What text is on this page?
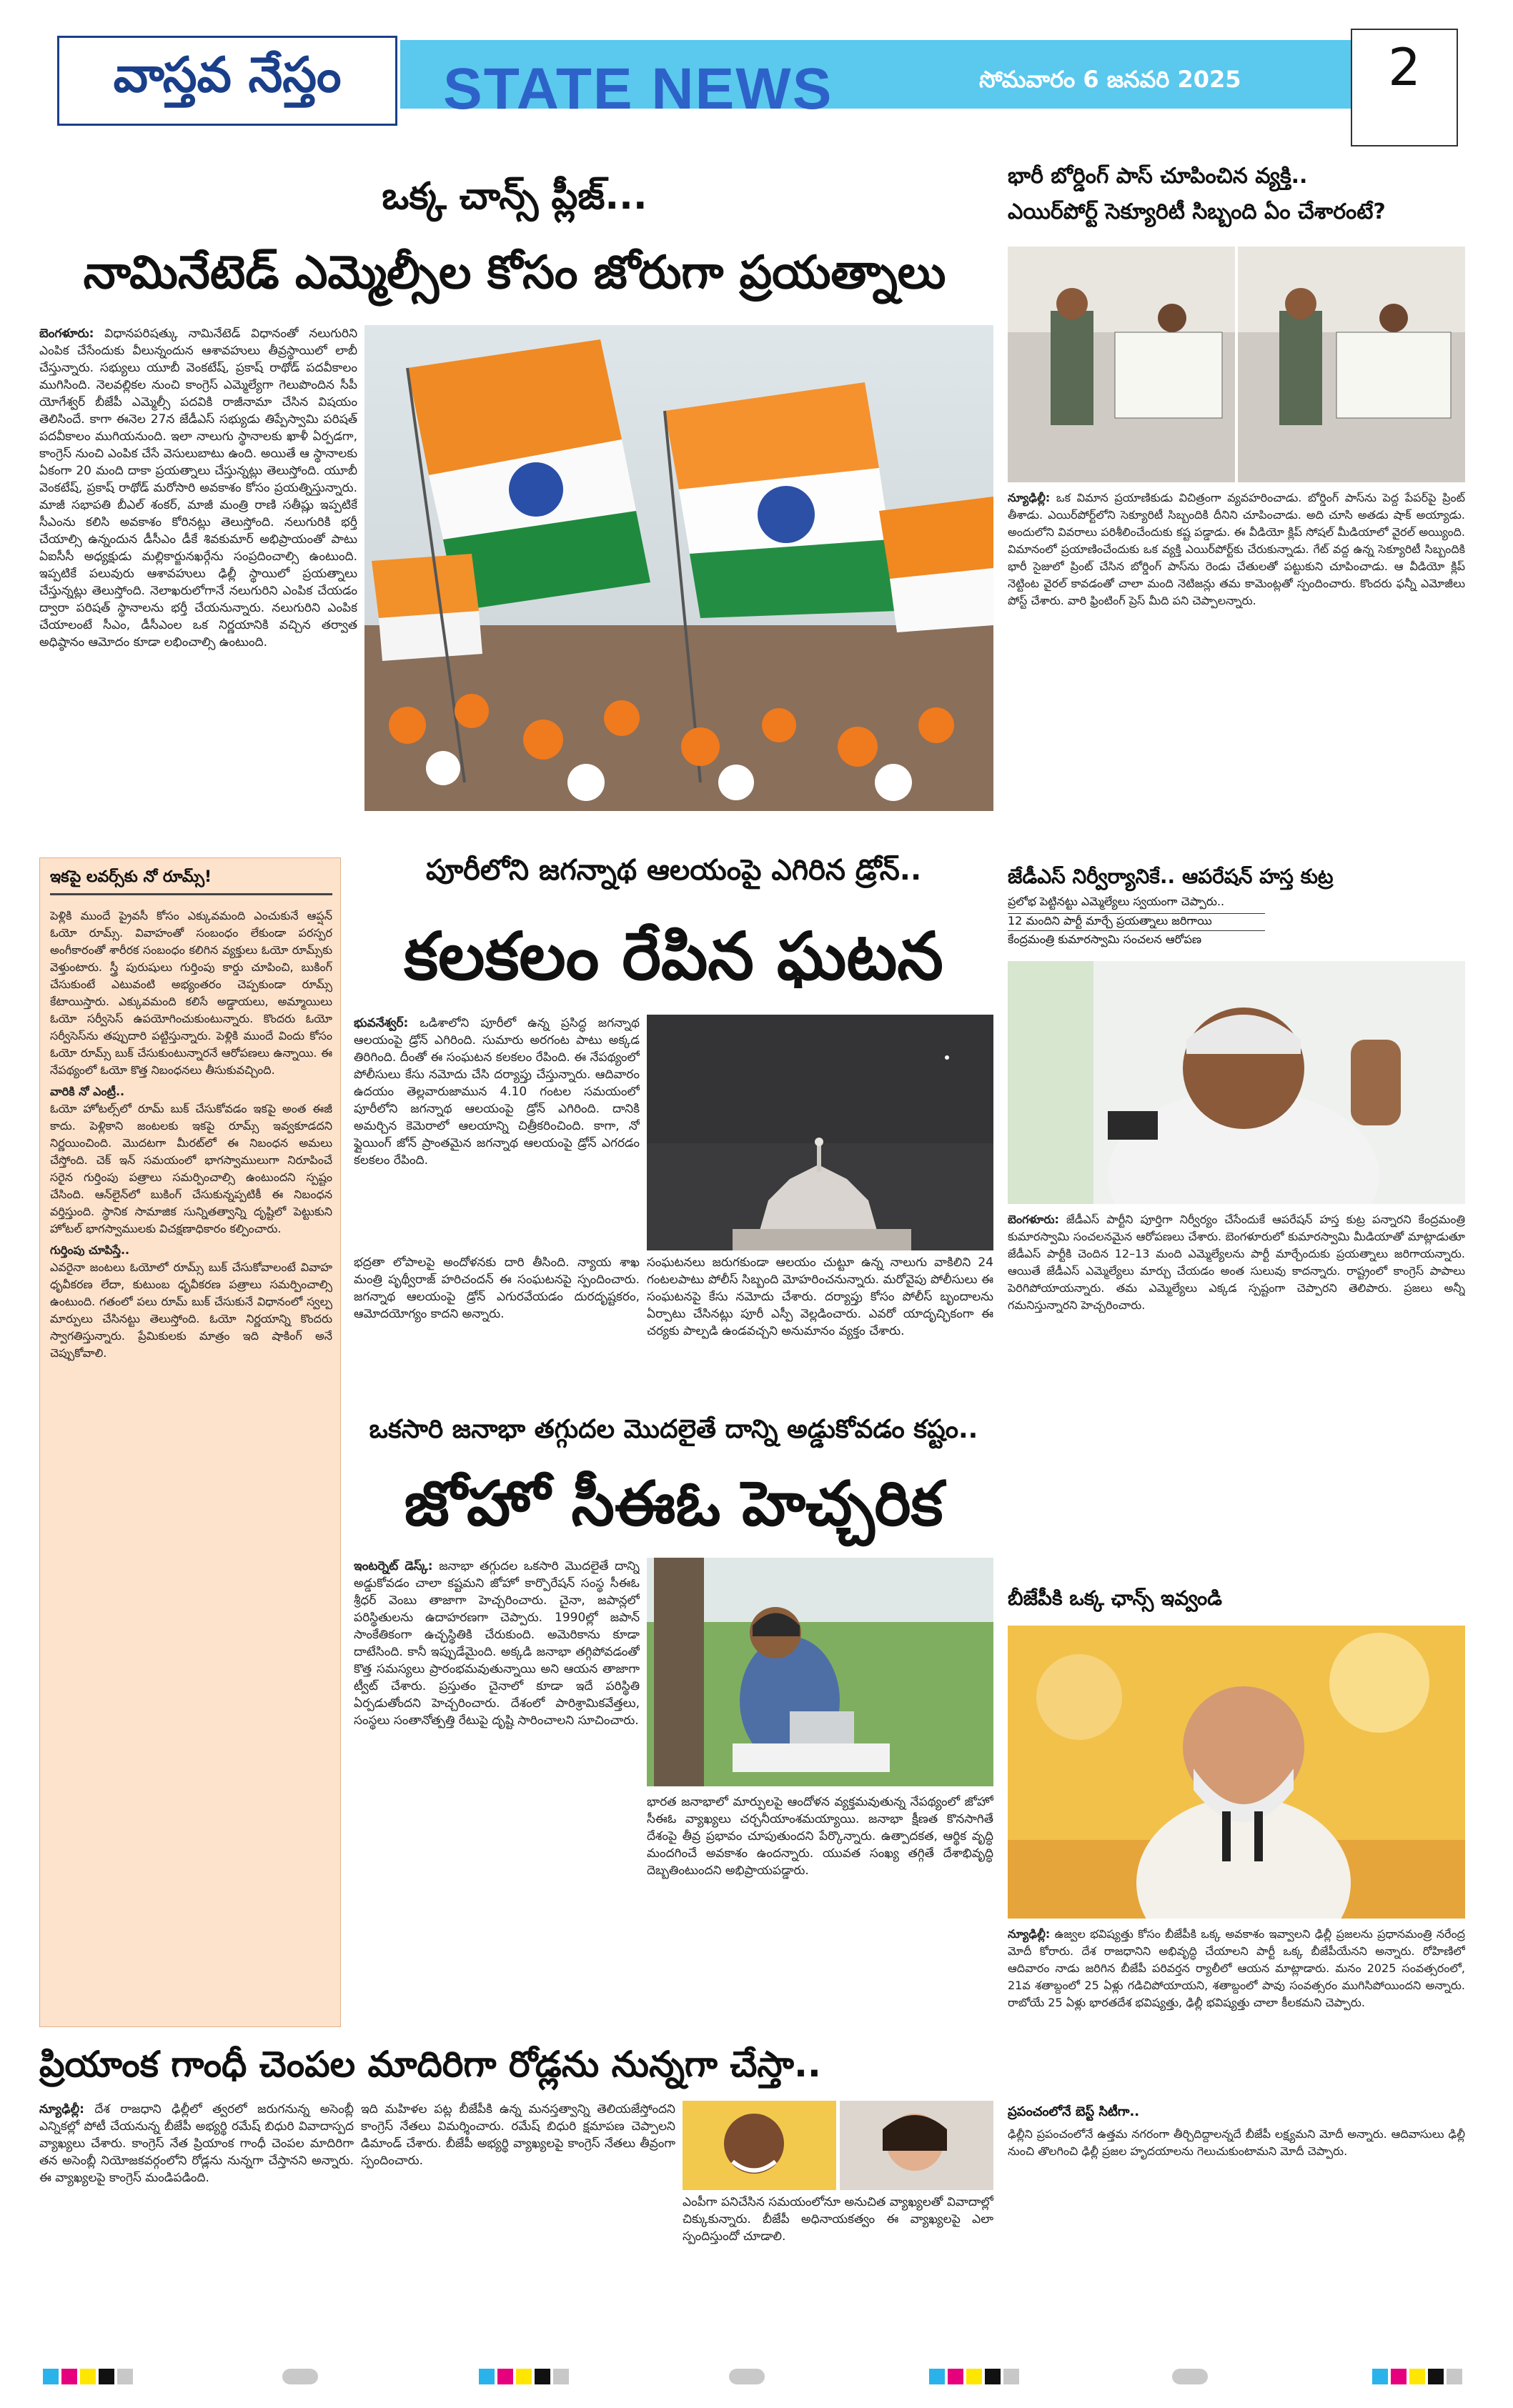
వాస్తవ నేస్తం	STATE NEWS	సోమవారం 6 జనవరి 2025	2
ఒక్క చాన్స్ ప్లీజ్...
నామినేటెడ్ ఎమ్మెల్సీల కోసం జోరుగా ప్రయత్నాలు
బెంగళూరు: విధానపరిషత్కు నామినేటెడ్ విధానంతో నలుగురిని ఎంపిక చేసేందుకు వీలున్నందున ఆశావహులు తీవ్రస్థాయిలో లాబీ చేస్తున్నారు. సభ్యులు యూబీ వెంకటేష్, ప్రకాష్ రాథోడ్ పదవీకాలం ముగిసింది. నెలవల్లికల నుంచి కాంగ్రెస్ ఎమ్మెల్యేగా గెలుపొందిన సీపీ యోగేశ్వర్ బీజేపీ ఎమ్మెల్సీ పదవికి రాజీనామా చేసిన విషయం తెలిసిందే. కాగా ఈనెల 27న జేడీఎస్ సభ్యుడు తిప్పేస్వామి పరిషత్ పదవీకాలం ముగియనుంది. ఇలా నాలుగు స్థానాలకు ఖాళీ ఏర్పడగా, కాంగ్రెస్ నుంచి ఎంపిక చేసే వెసులుబాటు ఉంది. అయితే ఆ స్థానాలకు ఏకంగా 20 మంది దాకా ప్రయత్నాలు చేస్తున్నట్లు తెలుస్తోంది. యూబీ వెంకటేష్, ప్రకాష్ రాథోడ్ మరోసారి అవకాశం కోసం ప్రయత్నిస్తున్నారు. మాజీ సభాపతి బీఎల్ శంకర్, మాజీ మంత్రి రాణి సతీష్లు ఇప్పటికే సీఎంను కలిసి అవకాశం కోరినట్లు తెలుస్తోంది. నలుగురికి భర్తీ చేయాల్సి ఉన్నందున డీసీఎం డీకే శివకుమార్ అభిప్రాయంతో పాటు ఏఐసీసీ అధ్యక్షుడు మల్లికార్జునఖర్గేను సంప్రదించాల్సి ఉంటుంది. ఇప్పటికే పలువురు ఆశావహులు ఢిల్లీ స్థాయిలో ప్రయత్నాలు చేస్తున్నట్లు తెలుస్తోంది. నెలాఖరులోగానే నలుగురిని ఎంపిక చేయడం ద్వారా పరిషత్ స్థానాలను భర్తీ చేయనున్నారు. నలుగురిని ఎంపిక చేయాలంటే సీఎం, డీసీఎంల ఒక నిర్ణయానికి వచ్చిన తర్వాత అధిష్ఠానం ఆమోదం కూడా లభించాల్సి ఉంటుంది.
ఇకపై లవర్స్‌కు నో రూమ్స్!
పెళ్లికి ముందే ప్రైవసీ కోసం ఎక్కువమంది ఎంచుకునే ఆప్షన్ ఓయో రూమ్స్. వివాహంతో సంబంధం లేకుండా పరస్పర అంగీకారంతో శారీరక సంబంధం కలిగిన వ్యక్తులు ఓయో రూమ్స్‌కు వెళ్తుంటారు. స్త్రీ పురుషులు గుర్తింపు కార్డు చూపించి, బుకింగ్ చేసుకుంటే ఎటువంటి అభ్యంతరం చెప్పకుండా రూమ్స్ కేటాయిస్తారు. ఎక్కువమంది కలిసే అడ్డాయలు, అమ్మాయిలు ఓయో సర్వీసెస్ ఉపయోగించుకుంటున్నారు. కొందరు ఓయో సర్వీసెస్‌ను తప్పుదారి పట్టిస్తున్నారు. పెళ్లికి ముందే విందు కోసం ఓయో రూమ్స్ బుక్ చేసుకుంటున్నారనే ఆరోపణలు ఉన్నాయి. ఈ నేపథ్యంలో ఓయో కొత్త నిబంధనలు తీసుకువచ్చింది.
వారికి నో ఎంట్రీ..
ఓయో హోటల్స్‌లో రూమ్ బుక్ చేసుకోవడం ఇకపై అంత ఈజీ కాదు. పెళ్లికాని జంటలకు ఇకపై రూమ్స్ ఇవ్వకూడదని నిర్ణయించింది. మొదటగా మీరట్‌లో ఈ నిబంధన అమలు చేస్తోంది. చెక్ ఇన్ సమయంలో భాగస్వాములుగా నిరూపించే సరైన గుర్తింపు పత్రాలు సమర్పించాల్సి ఉంటుందని స్పష్టం చేసింది. ఆన్‌లైన్‌లో బుకింగ్ చేసుకున్నప్పటికీ ఈ నిబంధన వర్తిస్తుంది. స్థానిక సామాజిక సున్నితత్వాన్ని దృష్టిలో పెట్టుకుని హోటల్ భాగస్వాములకు విచక్షణాధికారం కల్పించారు.
గుర్తింపు చూపిస్తే..
ఎవరైనా జంటలు ఓయోలో రూమ్స్ బుక్ చేసుకోవాలంటే వివాహ ధృవీకరణ లేదా, కుటుంబ ధృవీకరణ పత్రాలు సమర్పించాల్సి ఉంటుంది. గతంలో పలు రూమ్ బుక్ చేసుకునే విధానంలో స్వల్ప మార్పులు చేసినట్టు తెలుస్తోంది. ఓయో నిర్ణయాన్ని కొందరు స్వాగతిస్తున్నారు. ప్రేమికులకు మాత్రం ఇది షాకింగ్ అనే చెప్పుకోవాలి.
పూరీలోని జగన్నాథ ఆలయంపై ఎగిరిన డ్రోన్..
కలకలం రేపిన ఘటన
భువనేశ్వర్: ఒడిశాలోని పూరీలో ఉన్న ప్రసిద్ధ జగన్నాథ ఆలయంపై డ్రోన్ ఎగిరింది. సుమారు అరగంట పాటు అక్కడ తిరిగింది. దీంతో ఈ సంఘటన కలకలం రేపింది. ఈ నేపథ్యంలో పోలీసులు కేసు నమోదు చేసి దర్యాప్తు చేస్తున్నారు. ఆదివారం ఉదయం తెల్లవారుజామున 4.10 గంటల సమయంలో పూరీలోని జగన్నాథ ఆలయంపై డ్రోన్ ఎగిరింది. దానికి అమర్చిన కెమెరాలో ఆలయాన్ని చిత్రీకరించింది. కాగా, నో ఫ్లైయింగ్ జోన్ ప్రాంతమైన జగన్నాథ ఆలయంపై డ్రోన్ ఎగరడం కలకలం రేపింది.
భద్రతా లోపాలపై అందోళనకు దారి తీసింది. న్యాయ శాఖ మంత్రి పృథ్వీరాజ్ హరిచందన్ ఈ సంఘటనపై స్పందించారు. జగన్నాథ ఆలయంపై డ్రోన్ ఎగురవేయడం దురదృష్టకరం, ఆమోదయోగ్యం కాదని అన్నారు.
సంఘటనలు జరుగకుండా ఆలయం చుట్టూ ఉన్న నాలుగు వాకిలిని 24 గంటలపాటు పోలీస్ సిబ్బంది మోహరించనున్నారు. మరోవైపు పోలీసులు ఈ సంఘటనపై కేసు నమోదు చేశారు. దర్యాప్తు కోసం పోలీస్ బృందాలను ఏర్పాటు చేసినట్లు పూరీ ఎస్పీ వెల్లడించారు. ఎవరో యాదృచ్ఛికంగా ఈ చర్యకు పాల్పడి ఉండవచ్చని అనుమానం వ్యక్తం చేశారు.
ఒకసారి జనాభా తగ్గుదల మొదలైతే దాన్ని అడ్డుకోవడం కష్టం..
జోహో సీఈఓ హెచ్చరిక
ఇంటర్నెట్ డెస్క్: జనాభా తగ్గుదల ఒకసారి మొదలైతే దాన్ని అడ్డుకోవడం చాలా కష్టమని జోహో కార్పొరేషన్ సంస్థ సీఈఓ శ్రీధర్ వెంబు తాజాగా హెచ్చరించారు. చైనా, జపాన్లలో పరిస్థితులను ఉదాహరణగా చెప్పారు. 1990ల్లో జపాన్ సాంకేతికంగా ఉచ్ఛస్థితికి చేరుకుంది. అమెరికాను కూడా దాటేసింది. కానీ ఇప్పుడేమైంది. అక్కడి జనాభా తగ్గిపోవడంతో కొత్త సమస్యలు ప్రారంభమవుతున్నాయి అని ఆయన తాజాగా ట్వీట్ చేశారు. ప్రస్తుతం చైనాలో కూడా ఇదే పరిస్థితి ఏర్పడుతోందని హెచ్చరించారు. దేశంలో పారిశ్రామికవేత్తలు, సంస్థలు సంతానోత్పత్తి రేటుపై దృష్టి సారించాలని సూచించారు.
భారత జనాభాలో మార్పులపై ఆందోళన వ్యక్తమవుతున్న నేపథ్యంలో జోహో సీఈఓ వ్యాఖ్యలు చర్చనీయాంశమయ్యాయి. జనాభా క్షీణత కొనసాగితే దేశంపై తీవ్ర ప్రభావం చూపుతుందని పేర్కొన్నారు. ఉత్పాదకత, ఆర్థిక వృద్ధి మందగించే అవకాశం ఉందన్నారు. యువత సంఖ్య తగ్గితే దేశాభివృద్ధి దెబ్బతింటుందని అభిప్రాయపడ్డారు.
ప్రియాంక గాంధీ చెంపల మాదిరిగా రోడ్లను నున్నగా చేస్తా..
న్యూఢిల్లీ: దేశ రాజధాని ఢిల్లీలో త్వరలో జరుగనున్న అసెంబ్లీ ఎన్నికల్లో పోటీ చేయనున్న బీజేపీ అభ్యర్థి రమేష్ బిధురి వివాదాస్పద వ్యాఖ్యలు చేశారు. కాంగ్రెస్ నేత ప్రియాంక గాంధీ చెంపల మాదిరిగా తన అసెంబ్లీ నియోజకవర్గంలోని రోడ్లను నున్నగా చేస్తానని అన్నారు. ఈ వ్యాఖ్యలపై కాంగ్రెస్ మండిపడింది.
ఇది మహిళల పట్ల బీజేపీకి ఉన్న మనస్తత్వాన్ని తెలియజేస్తోందని కాంగ్రెస్ నేతలు విమర్శించారు. రమేష్ బిధురి క్షమాపణ చెప్పాలని డిమాండ్ చేశారు. బీజేపీ అభ్యర్థి వ్యాఖ్యలపై కాంగ్రెస్ నేతలు తీవ్రంగా స్పందించారు.
ఎంపీగా పనిచేసిన సమయంలోనూ అనుచిత వ్యాఖ్యలతో వివాదాల్లో చిక్కుకున్నారు. బీజేపీ అధినాయకత్వం ఈ వ్యాఖ్యలపై ఎలా స్పందిస్తుందో చూడాలి.
భారీ బోర్డింగ్ పాస్ చూపించిన వ్యక్తి..
ఎయిర్‌పోర్ట్ సెక్యూరిటీ సిబ్బంది ఏం చేశారంటే?
న్యూఢిల్లీ: ఒక విమాన ప్రయాణికుడు విచిత్రంగా వ్యవహరించాడు. బోర్డింగ్ పాస్‌ను పెద్ద పేపర్‌పై ప్రింట్ తీశాడు. ఎయిర్‌పోర్ట్‌లోని సెక్యూరిటీ సిబ్బందికి దీనిని చూపించాడు. అది చూసి అతడు షాక్ అయ్యాడు. అందులోని వివరాలు పరిశీలించేందుకు కష్ట పడ్డాడు. ఈ వీడియో క్లిప్ సోషల్ మీడియాలో వైరల్ అయ్యింది. విమానంలో ప్రయాణించేందుకు ఒక వ్యక్తి ఎయిర్‌పోర్ట్‌కు చేరుకున్నాడు. గేట్ వద్ద ఉన్న సెక్యూరిటీ సిబ్బందికి భారీ సైజులో ప్రింట్ చేసిన బోర్డింగ్ పాస్‌ను రెండు చేతులతో పట్టుకుని చూపించాడు. ఆ వీడియో క్లిప్ నెట్టింట వైరల్ కావడంతో చాలా మంది నెటిజన్లు తమ కామెంట్లతో స్పందించారు. కొందరు ఫన్నీ ఎమోజీలు పోస్ట్ చేశారు. వారి ఫ్రింటింగ్ ప్రెస్ మీది పని చెప్పాలన్నారు.
జేడీఎస్ నిర్వీర్యానికే.. ఆపరేషన్ హస్త కుట్ర
ప్రలోభ పెట్టినట్టు ఎమ్మెల్యేలు స్వయంగా చెప్పారు..
12 మందిని పార్టీ మార్చే ప్రయత్నాలు జరిగాయి
కేంద్రమంత్రి కుమారస్వామి సంచలన ఆరోపణ
బెంగళూరు: జేడీఎస్ పార్టీని పూర్తిగా నిర్వీర్యం చేసేందుకే ఆపరేషన్ హస్త కుట్ర పన్నారని కేంద్రమంత్రి కుమారస్వామి సంచలనమైన ఆరోపణలు చేశారు. బెంగళూరులో కుమారస్వామి మీడియాతో మాట్లాడుతూ జేడీఎస్ పార్టీకి చెందిన 12–13 మంది ఎమ్మెల్యేలను పార్టీ మార్చేందుకు ప్రయత్నాలు జరిగాయన్నారు. ఆయితే జేడీఎస్ ఎమ్మెల్యేలు మార్చు చేయడం అంత సులువు కాదన్నారు. రాష్ట్రంలో కాంగ్రెస్ పాపాలు పెరిగిపోయాయన్నారు. తమ ఎమ్మెల్యేలు ఎక్కడ స్పష్టంగా చెప్పారని తెలిపారు. ప్రజలు అన్నీ గమనిస్తున్నారని హెచ్చరించారు.
బీజేపీకి ఒక్క ఛాన్స్ ఇవ్వండి
న్యూఢిల్లీ: ఉజ్వల భవిష్యత్తు కోసం బీజేపీకి ఒక్క అవకాశం ఇవ్వాలని ఢిల్లీ ప్రజలను ప్రధానమంత్రి నరేంద్ర మోదీ కోరారు. దేశ రాజధానిని అభివృద్ధి చేయాలని పార్టీ ఒక్క బీజేపీయేనని అన్నారు. రోహిణిలో ఆదివారం నాడు జరిగిన బీజేపీ పరివర్తన ర్యాలీలో ఆయన మాట్లాడారు. మనం 2025 సంవత్సరంలో, 21వ శతాబ్దంలో 25 ఏళ్లు గడిచిపోయాయని, శతాబ్దంలో పావు సంవత్సరం ముగిసిపోయిందని అన్నారు. రాబోయే 25 ఏళ్లు భారతదేశ భవిష్యత్తు, ఢిల్లీ భవిష్యత్తు చాలా కీలకమని చెప్పారు.
ప్రపంచంలోనే బెస్ట్ సిటీగా..
ఢిల్లీని ప్రపంచంలోనే ఉత్తమ నగరంగా తీర్చిదిద్దాలన్నదే బీజేపీ లక్ష్యమని మోదీ అన్నారు. ఆదివాసులు ఢిల్లీ నుంచి తొలగించి ఢిల్లీ ప్రజల హృదయాలను గెలుచుకుంటామని మోదీ చెప్పారు.
